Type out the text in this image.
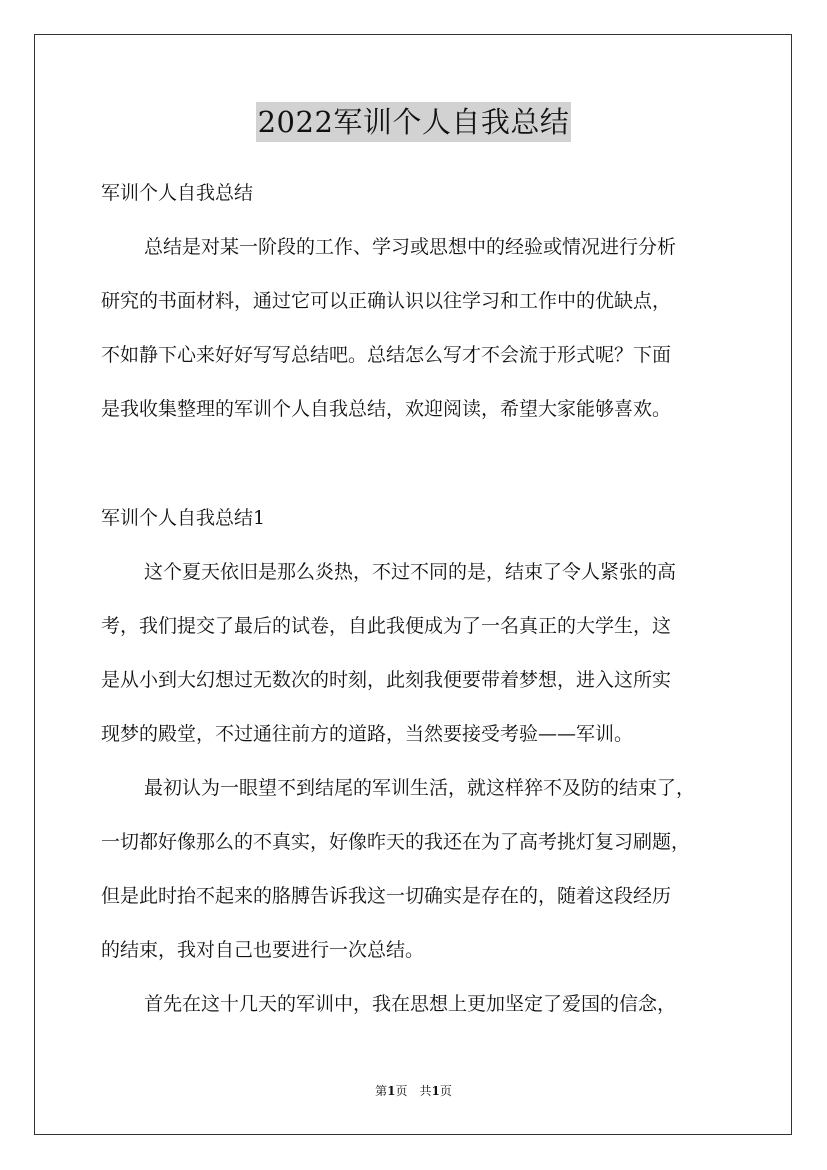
2022军训个人自我总结
军训个人自我总结
总结是对某一阶段的工作、学习或思想中的经验或情况进行分析
研究的书面材料，通过它可以正确认识以往学习和工作中的优缺点，
不如静下心来好好写写总结吧。总结怎么写才不会流于形式呢？下面
是我收集整理的军训个人自我总结，欢迎阅读，希望大家能够喜欢。
军训个人自我总结1
这个夏天依旧是那么炎热，不过不同的是，结束了令人紧张的高
考，我们提交了最后的试卷，自此我便成为了一名真正的大学生，这
是从小到大幻想过无数次的时刻，此刻我便要带着梦想，进入这所实
现梦的殿堂，不过通往前方的道路，当然要接受考验——军训。
最初认为一眼望不到结尾的军训生活，就这样猝不及防的结束了，
一切都好像那么的不真实，好像昨天的我还在为了高考挑灯复习刷题，
但是此时抬不起来的胳膊告诉我这一切确实是存在的，随着这段经历
的结束，我对自己也要进行一次总结。
首先在这十几天的军训中，我在思想上更加坚定了爱国的信念，
第1页　共1页
